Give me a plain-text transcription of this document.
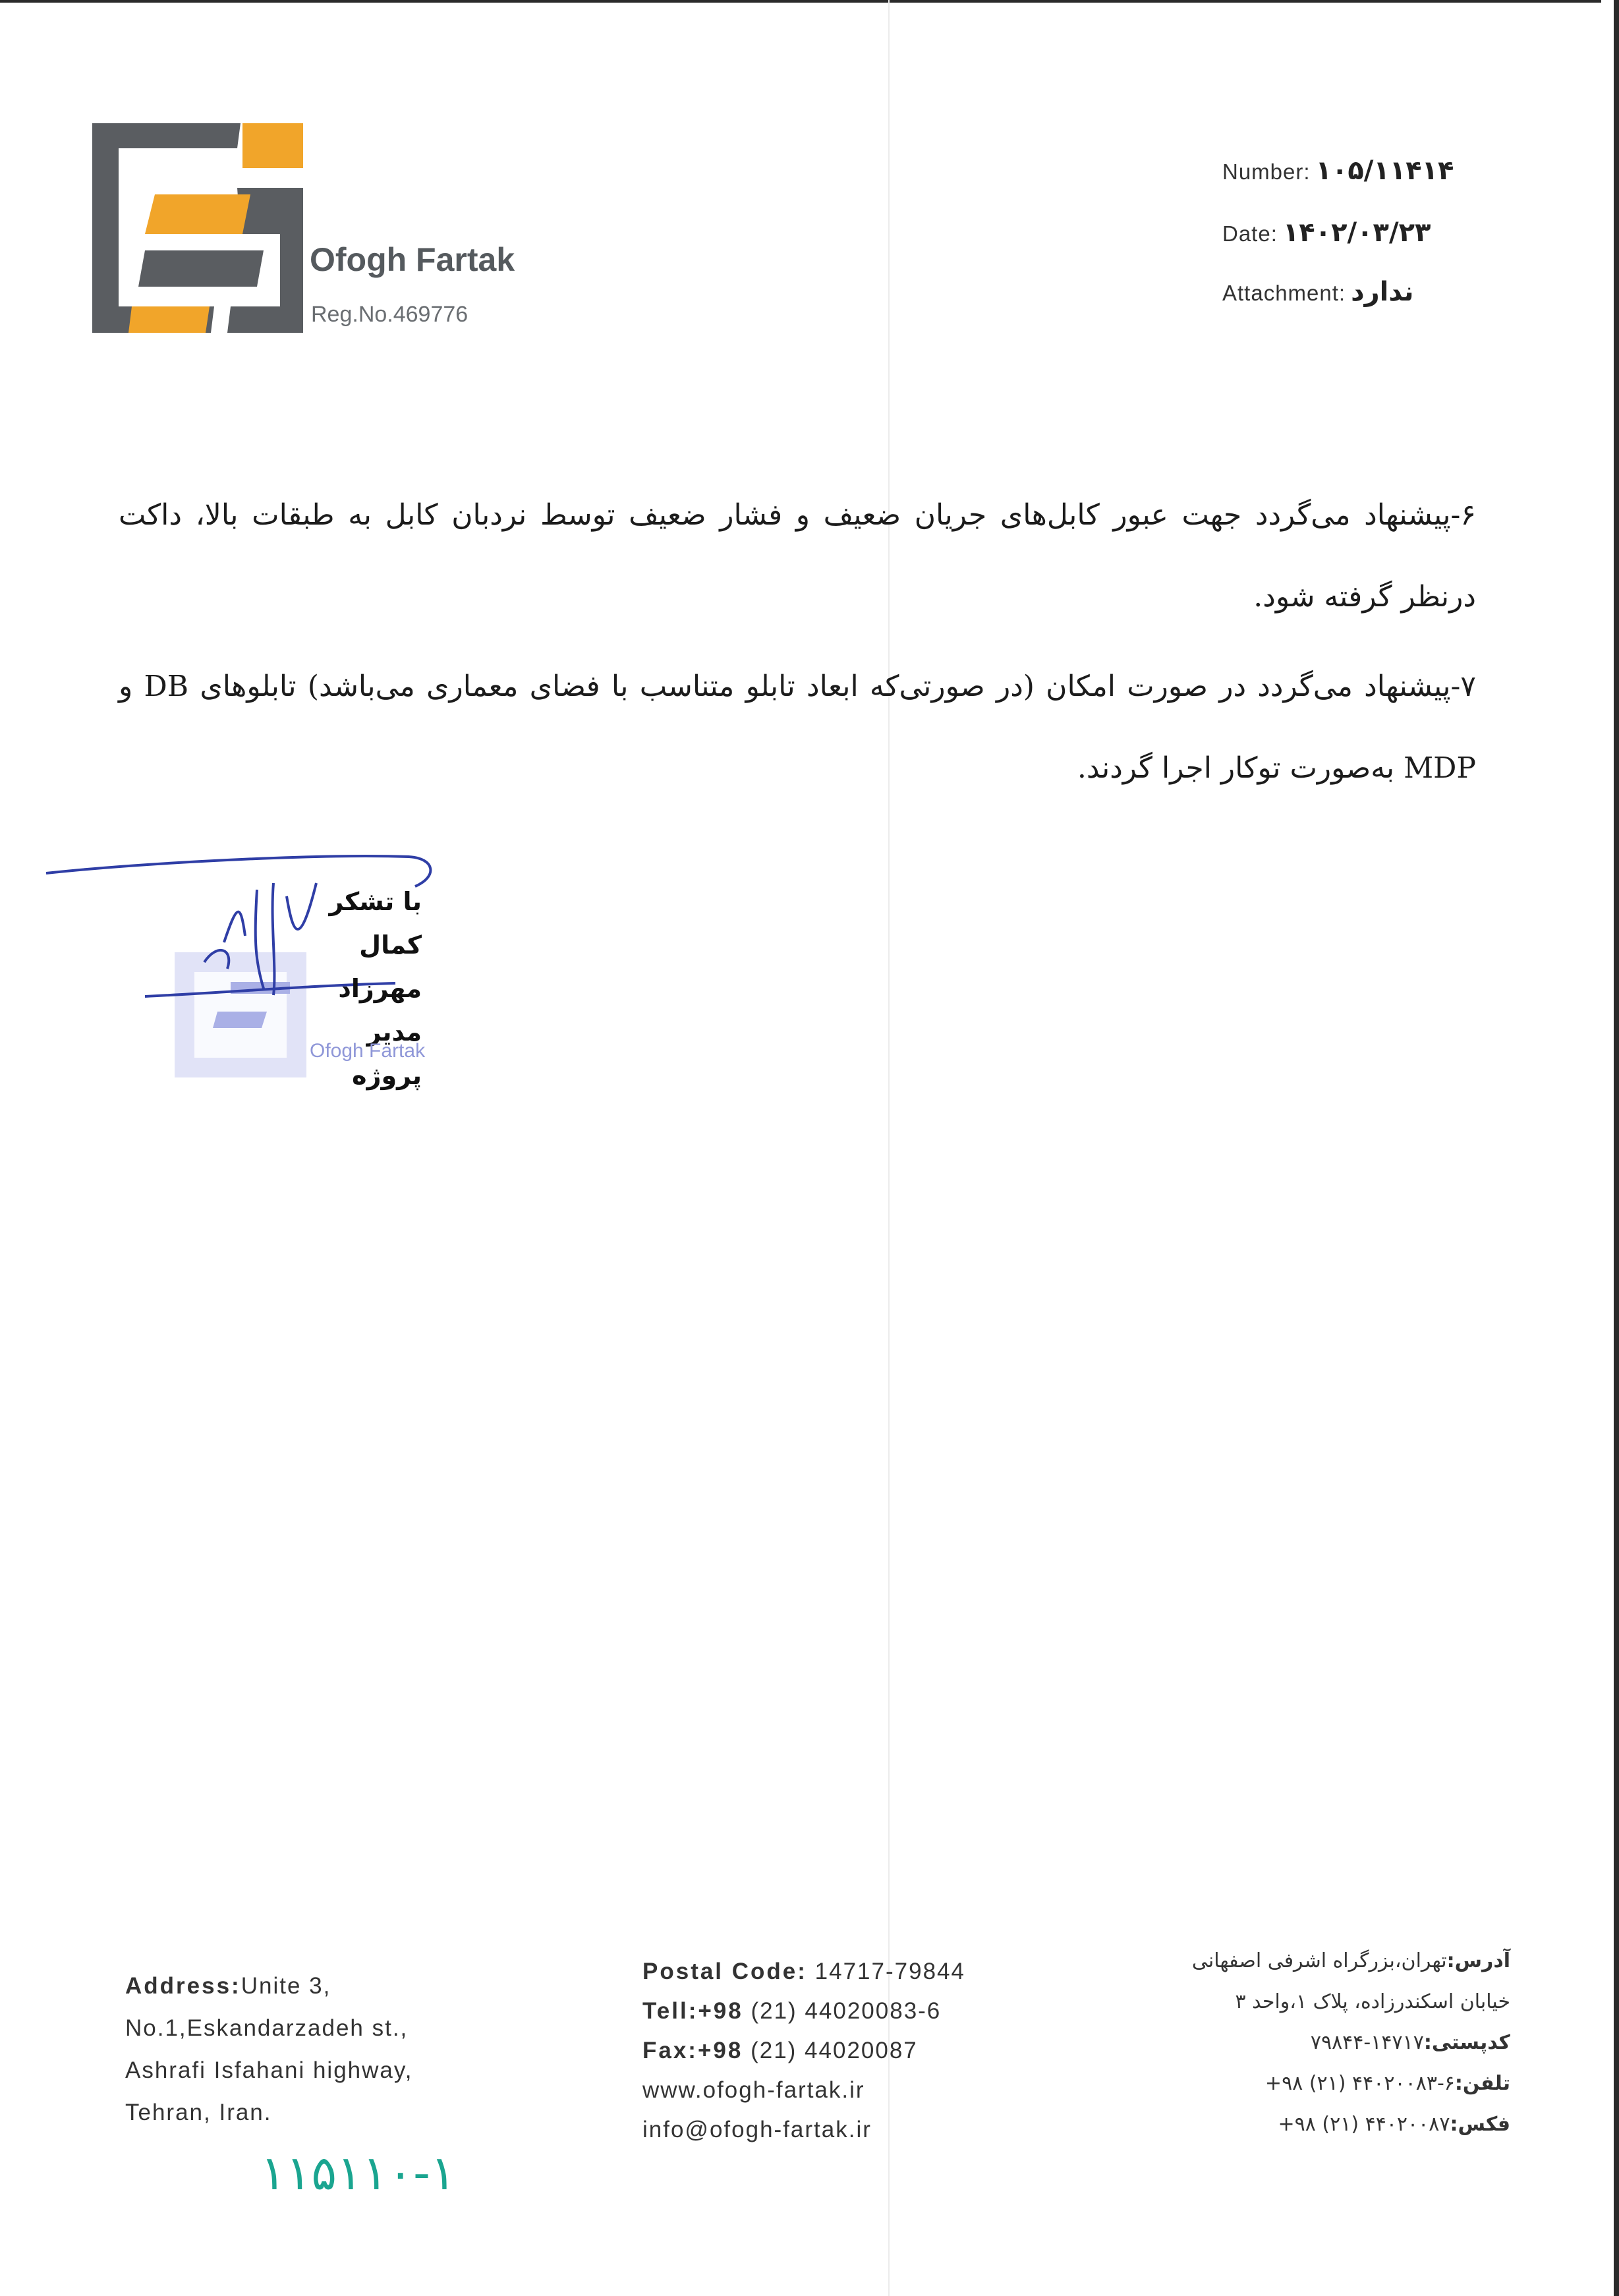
Ofogh Fartak
Reg.No.469776
Number: ۱۰۵/۱۱۴۱۴
Date: ۱۴۰۲/۰۳/۲۳
Attachment: ندارد

۶-پیشنهاد می‌گردد جهت عبور کابل‌های جریان ضعیف و فشار ضعیف توسط نردبان کابل به طبقات بالا، داکت درنظر گرفته شود.

۷-پیشنهاد می‌گردد در صورت امکان (در صورتی‌که ابعاد تابلو متناسب با فضای معماری می‌باشد) تابلوهای DB و MDP به‌صورت توکار اجرا گردند.

با تشکر
کمال مهرزاد
مدیر پروژه
Ofogh Fartak
Address:Unite 3,
No.1,Eskandarzadeh st.,
Ashrafi Isfahani highway,
Tehran, Iran.
Postal Code: 14717-79844
Tell:+98 (21) 44020083-6
Fax:+98 (21) 44020087
www.ofogh-fartak.ir
info@ofogh-fartak.ir
آدرس:تهران،بزرگراه اشرفی اصفهانی
خیابان اسکندرزاده، پلاک ۱،واحد ۳
کدپستی:۱۴۷۱۷-۷۹۸۴۴
تلفن:۶-۴۴۰۲۰۰۸۳ (۲۱) ۹۸+
فکس:۴۴۰۲۰۰۸۷ (۲۱) ۹۸+
۱۱۵۱۱۰-۱
